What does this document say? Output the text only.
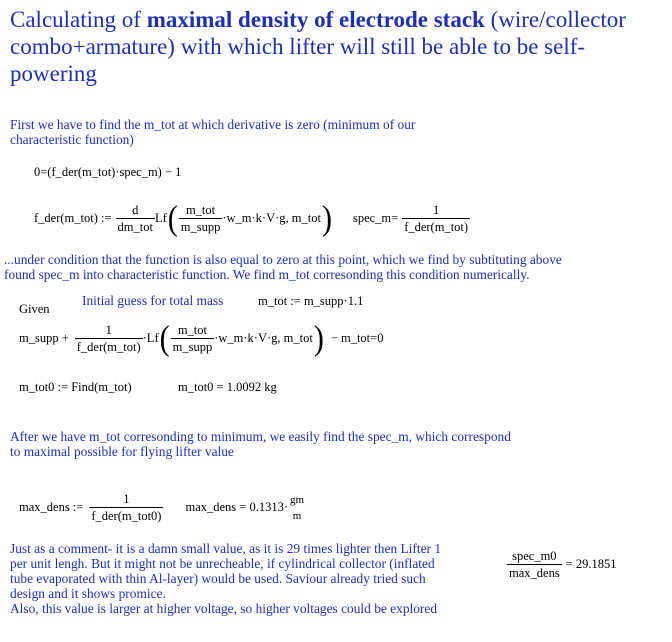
Calculating of maximal density of electrode stack (wire/collector combo+armature) with which lifter will still be able to be self-powering
First we have to find the m_tot at which derivative is zero (minimum of our
characteristic function)
0=(f_der(m_tot)·spec_m) − 1
f_der(m_tot) := $\frac{d}{\text{dm\_tot}}$ Lf ( $\frac{\text{m\_tot}}{\text{m\_supp}}$ ·w_m·k·V·g, m_tot ) spec_m= $\frac{1}{\text{f\_der(m\_tot)}}$
...under condition that the function is also equal to zero at this point, which we find by subtituting above
found spec_m into characteristic function. We find m_tot corresonding this condition numerically.
Given
Initial guess for total mass	m_tot := m_supp·1.1
m_supp + $\frac{1}{\text{f\_der(m\_tot)}} \cdot Lf$ ( $\frac{\text{m\_tot}}{\text{m\_supp}}$ ·w_m·k·V·g, m_tot ) − m_tot=0
m_tot0 := Find(m_tot)	m_tot0 = 1.0092 kg
After we have m_tot corresonding to minimum, we easily find the spec_m, which correspond
to maximal possible for flying lifter value
max_dens := $\frac{1}{\text{f\_der(m\_tot0)}}$ max_dens = 0.1313·
gm
m
Just as a comment- it is a damn small value, as it is 29 times lighter then Lifter 1
per unit lengh. But it might not be unrecheable, if cylindrical collector (inflated
tube evaporated with thin Al-layer) would be used. Saviour already tried such
design and it shows promice.
Also, this value is larger at higher voltage, so higher voltages could be explored
$\frac{\text{spec\_m0}}{\text{max\_dens}} = 29.1851$
